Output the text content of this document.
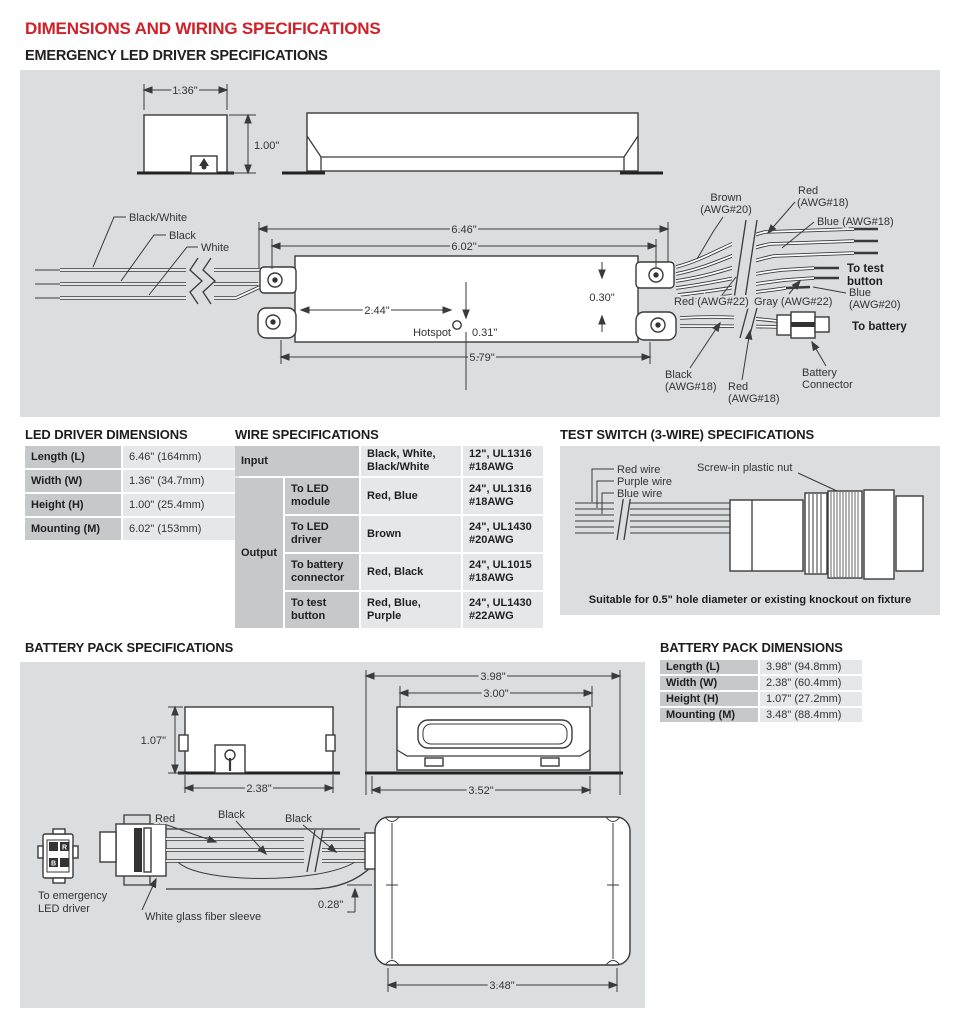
DIMENSIONS AND WIRING SPECIFICATIONS
EMERGENCY LED DRIVER SPECIFICATIONS
1.36"
1.00"
Black/White
Black
White
6.46"
6.02"
2.44"
Hotspot 0.31"
0.30"
5.79"
Brown
(AWG#20)
Red
(AWG#18)
Blue (AWG#18)
To test
button
Blue
(AWG#20)
Red (AWG#22) Gray (AWG#22)
To battery
Battery
Connector
Black
(AWG#18) Red
(AWG#18)
LED DRIVER DIMENSIONS
Length (L)	6.46" (164mm)
Width (W)	1.36" (34.7mm)
Height (H)	1.00" (25.4mm)
Mounting (M)	6.02" (153mm)
WIRE SPECIFICATIONS
Input		Black, White, Black/White	12", UL1316 #18AWG
Output	To LED module	Red, Blue	24", UL1316 #18AWG
	To LED driver	Brown	24", UL1430 #20AWG
	To battery connector	Red, Black	24", UL1015 #18AWG
	To test button	Red, Blue, Purple	24", UL1430 #22AWG
TEST SWITCH (3-WIRE) SPECIFICATIONS
Red wire
Purple wire
Blue wire
Screw-in plastic nut
Suitable for 0.5" hole diameter or existing knockout on fixture
BATTERY PACK SPECIFICATIONS	BATTERY PACK DIMENSIONS
Length (L)	3.98" (94.8mm)
Width (W)	2.38" (60.4mm)
Height (H)	1.07" (27.2mm)
Mounting (M)	3.48" (88.4mm)
1.07"
2.38"
3.98"
3.00"
3.52"
R
B
To emergency
LED driver
Red	Black	Black
White glass fiber sleeve
0.28"
3.48"
